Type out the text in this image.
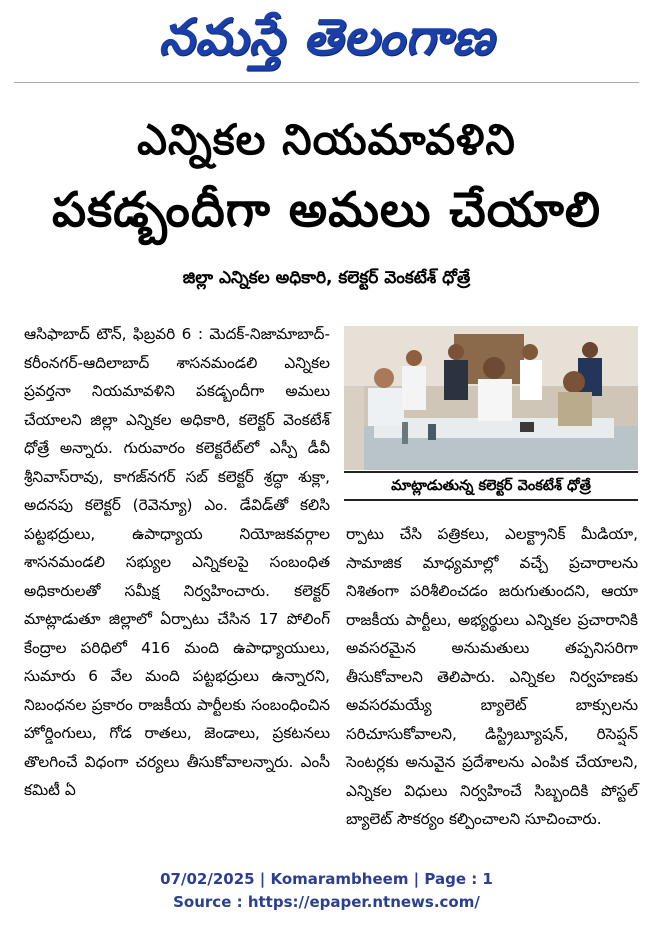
నమస్తే తెలంగాణ
ఎన్నికల నియమావళిని
పకడ్బందీగా అమలు చేయాలి
జిల్లా ఎన్నికల అధికారి, కలెక్టర్ వెంకటేశ్ ధోత్రే

ఆసిఫాబాద్ టౌన్, ఫిబ్రవరి 6 : మెదక్-నిజామాబాద్-కరీంనగర్-ఆదిలాబాద్ శాసనమండలి ఎన్నికల ప్రవర్తనా నియమావళిని పకడ్బందీగా అమలు చేయాలని జిల్లా ఎన్నికల అధికారి, కలెక్టర్ వెంకటేశ్ ధోత్రే అన్నారు. గురువారం కలెక్టరేట్‌లో ఎస్పీ డీవీ శ్రీనివాస్‌రావు, కాగజ్‌నగర్ సబ్ కలెక్టర్ శ్రద్ధా శుక్లా, అదనపు కలెక్టర్ (రెవెన్యూ) ఎం. డేవిడ్‌తో కలిసి పట్టభద్రులు, ఉపాధ్యాయ నియోజకవర్గాల శాసనమండలి సభ్యుల ఎన్నికలపై సంబంధిత అధికారులతో సమీక్ష నిర్వహించారు. కలెక్టర్ మాట్లాడుతూ జిల్లాలో ఏర్పాటు చేసిన 17 పోలింగ్ కేంద్రాల పరిధిలో 416 మంది ఉపాధ్యాయులు, సుమారు 6 వేల మంది పట్టభద్రులు ఉన్నారని, నిబంధనల ప్రకారం రాజకీయ పార్టీలకు సంబంధించిన హోర్డింగులు, గోడ రాతలు, జెండాలు, ప్రకటనలు తొలగించే విధంగా చర్యలు తీసుకోవాలన్నారు. ఎంసీ కమిటీ ఏ

మాట్లాడుతున్న కలెక్టర్ వెంకటేశ్ ధోత్రే

ర్పాటు చేసి పత్రికలు, ఎలక్ట్రానిక్ మీడియా, సామాజిక మాధ్యమాల్లో వచ్చే ప్రచారాలను నిశితంగా పరిశీలించడం జరుగుతుందని, ఆయా రాజకీయ పార్టీలు, అభ్యర్థులు ఎన్నికల ప్రచారానికి అవసరమైన అనుమతులు తప్పనిసరిగా తీసుకోవాలని తెలిపారు. ఎన్నికల నిర్వహణకు అవసరమయ్యే బ్యాలెట్ బాక్సులను సరిచూసుకోవాలని, డిస్ట్రిబ్యూషన్, రిసెప్షన్ సెంటర్లకు అనువైన ప్రదేశాలను ఎంపిక చేయాలని, ఎన్నికల విధులు నిర్వహించే సిబ్బందికి పోస్టల్ బ్యాలెట్ సౌకర్యం కల్పించాలని సూచించారు.

07/02/2025 | Komarambheem | Page : 1
Source : https://epaper.ntnews.com/
